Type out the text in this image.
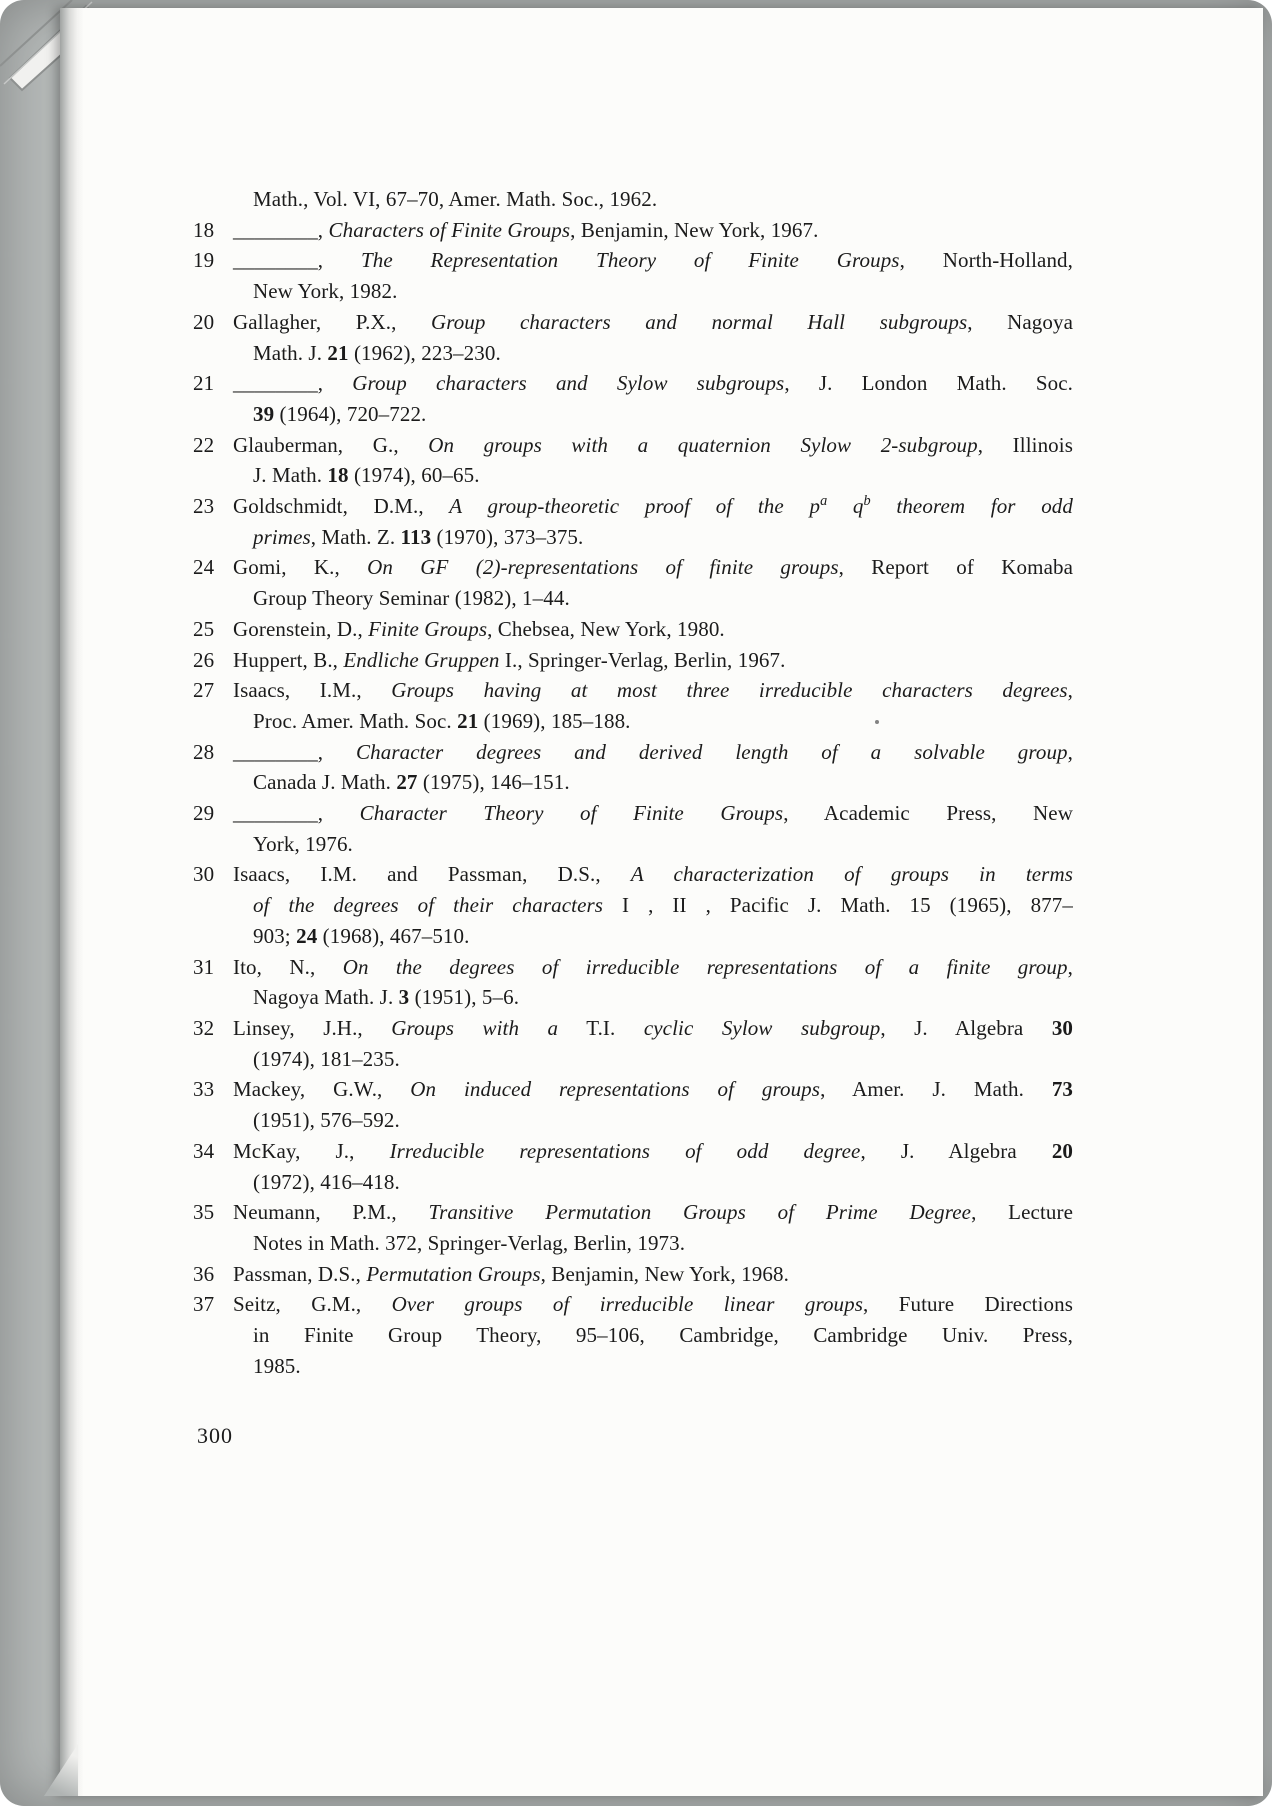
Math., Vol. VI, 67–70, Amer. Math. Soc., 1962.
18 ________, Characters of Finite Groups, Benjamin, New York, 1967.
19 ________, The Representation Theory of Finite Groups, North-Holland,
New York, 1982.
20 Gallagher, P.X., Group characters and normal Hall subgroups, Nagoya
Math. J. 21 (1962), 223–230.
21 ________, Group characters and Sylow subgroups, J. London Math. Soc.
39 (1964), 720–722.
22 Glauberman, G., On groups with a quaternion Sylow 2-subgroup, Illinois
J. Math. 18 (1974), 60–65.
23 Goldschmidt, D.M., A group-theoretic proof of the $p^a$ $q^b$ theorem for odd
primes, Math. Z. 113 (1970), 373–375.
24 Gomi, K., On GF (2)-representations of finite groups, Report of Komaba
Group Theory Seminar (1982), 1–44.
25 Gorenstein, D., Finite Groups, Chebsea, New York, 1980.
26 Huppert, B., Endliche Gruppen I., Springer-Verlag, Berlin, 1967.
27 Isaacs, I.M., Groups having at most three irreducible characters degrees,
Proc. Amer. Math. Soc. 21 (1969), 185–188.
28 ________, Character degrees and derived length of a solvable group,
Canada J. Math. 27 (1975), 146–151.
29 ________, Character Theory of Finite Groups, Academic Press, New
York, 1976.
30 Isaacs, I.M. and Passman, D.S., A characterization of groups in terms
of the degrees of their characters I , II , Pacific J. Math. 15 (1965), 877–
903; 24 (1968), 467–510.
31 Ito, N., On the degrees of irreducible representations of a finite group,
Nagoya Math. J. 3 (1951), 5–6.
32 Linsey, J.H., Groups with a T.I. cyclic Sylow subgroup, J. Algebra 30
(1974), 181–235.
33 Mackey, G.W., On induced representations of groups, Amer. J. Math. 73
(1951), 576–592.
34 McKay, J., Irreducible representations of odd degree, J. Algebra 20
(1972), 416–418.
35 Neumann, P.M., Transitive Permutation Groups of Prime Degree, Lecture
Notes in Math. 372, Springer-Verlag, Berlin, 1973.
36 Passman, D.S., Permutation Groups, Benjamin, New York, 1968.
37 Seitz, G.M., Over groups of irreducible linear groups, Future Directions
in Finite Group Theory, 95–106, Cambridge, Cambridge Univ. Press,
1985.
300
